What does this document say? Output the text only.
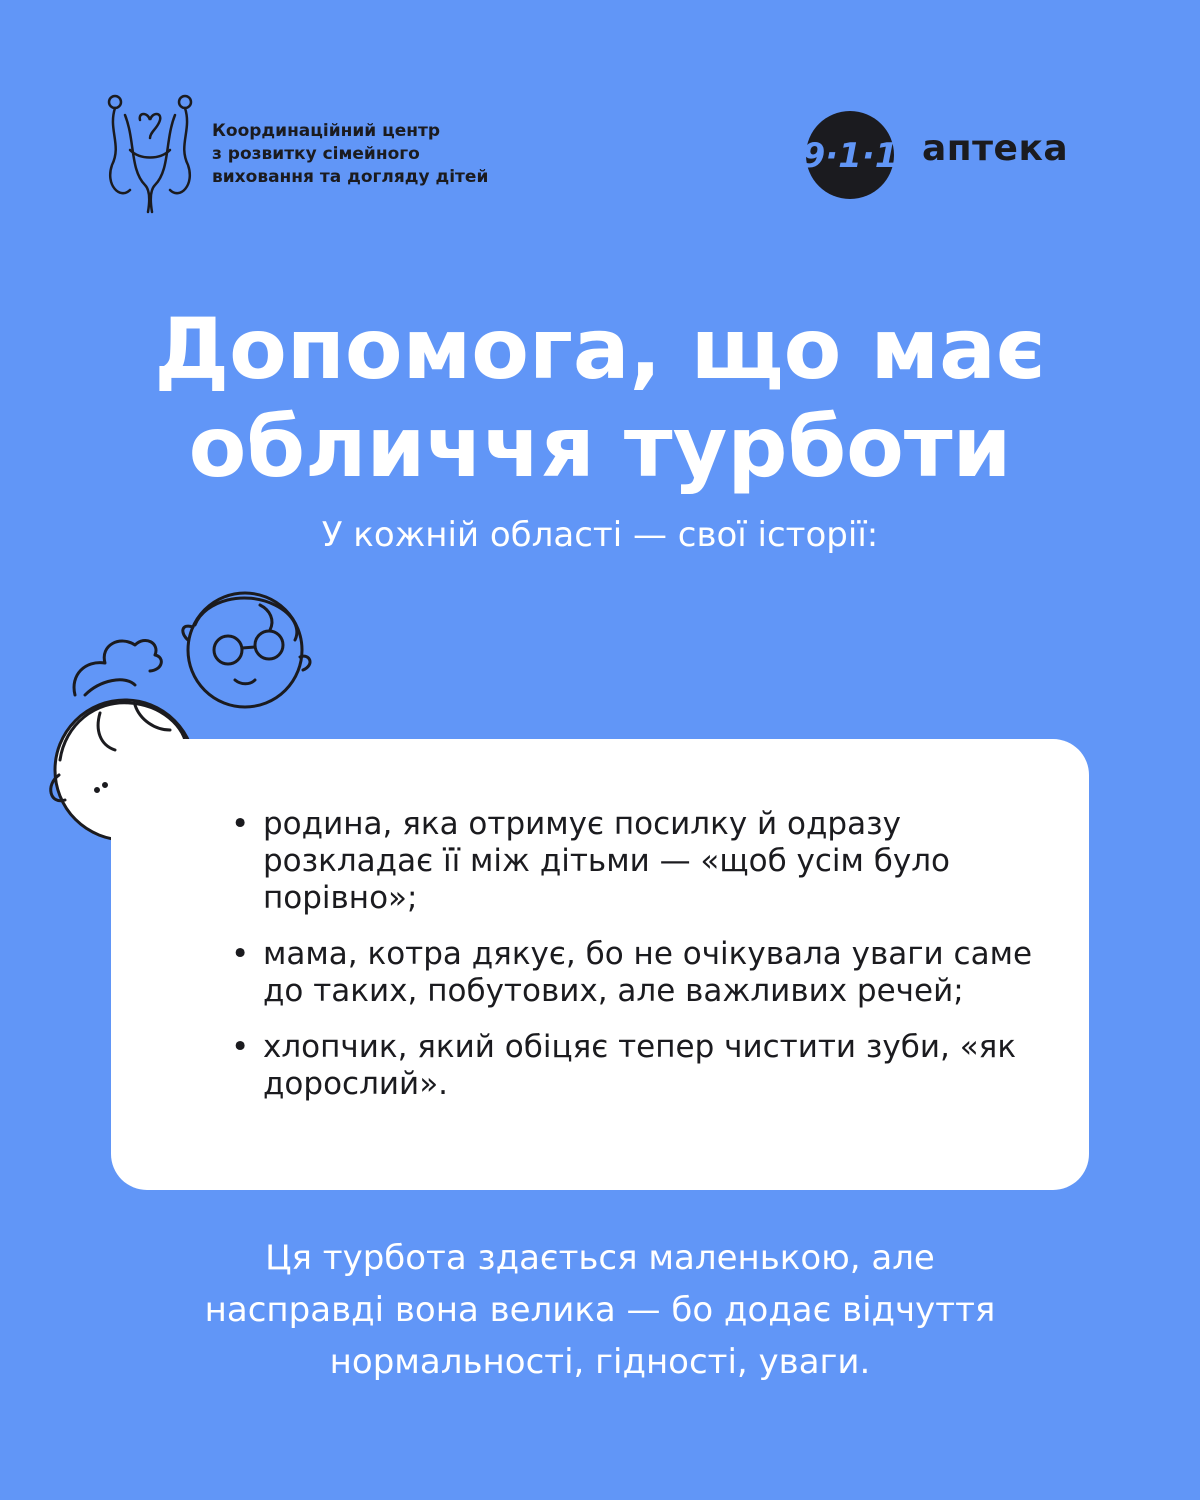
Координаційний центр
з розвитку сімейного
виховання та догляду дітей
9·1·1 аптека
Допомога, що має
обличчя турботи
У кожній області — свої історії:
• родина, яка отримує посилку й одразу розкладає її між дітьми — «щоб усім було порівно»;
• мама, котра дякує, бо не очікувала уваги саме до таких, побутових, але важливих речей;
• хлопчик, який обіцяє тепер чистити зуби, «як дорослий».
Ця турбота здається маленькою, але
насправді вона велика — бо додає відчуття
нормальності, гідності, уваги.
